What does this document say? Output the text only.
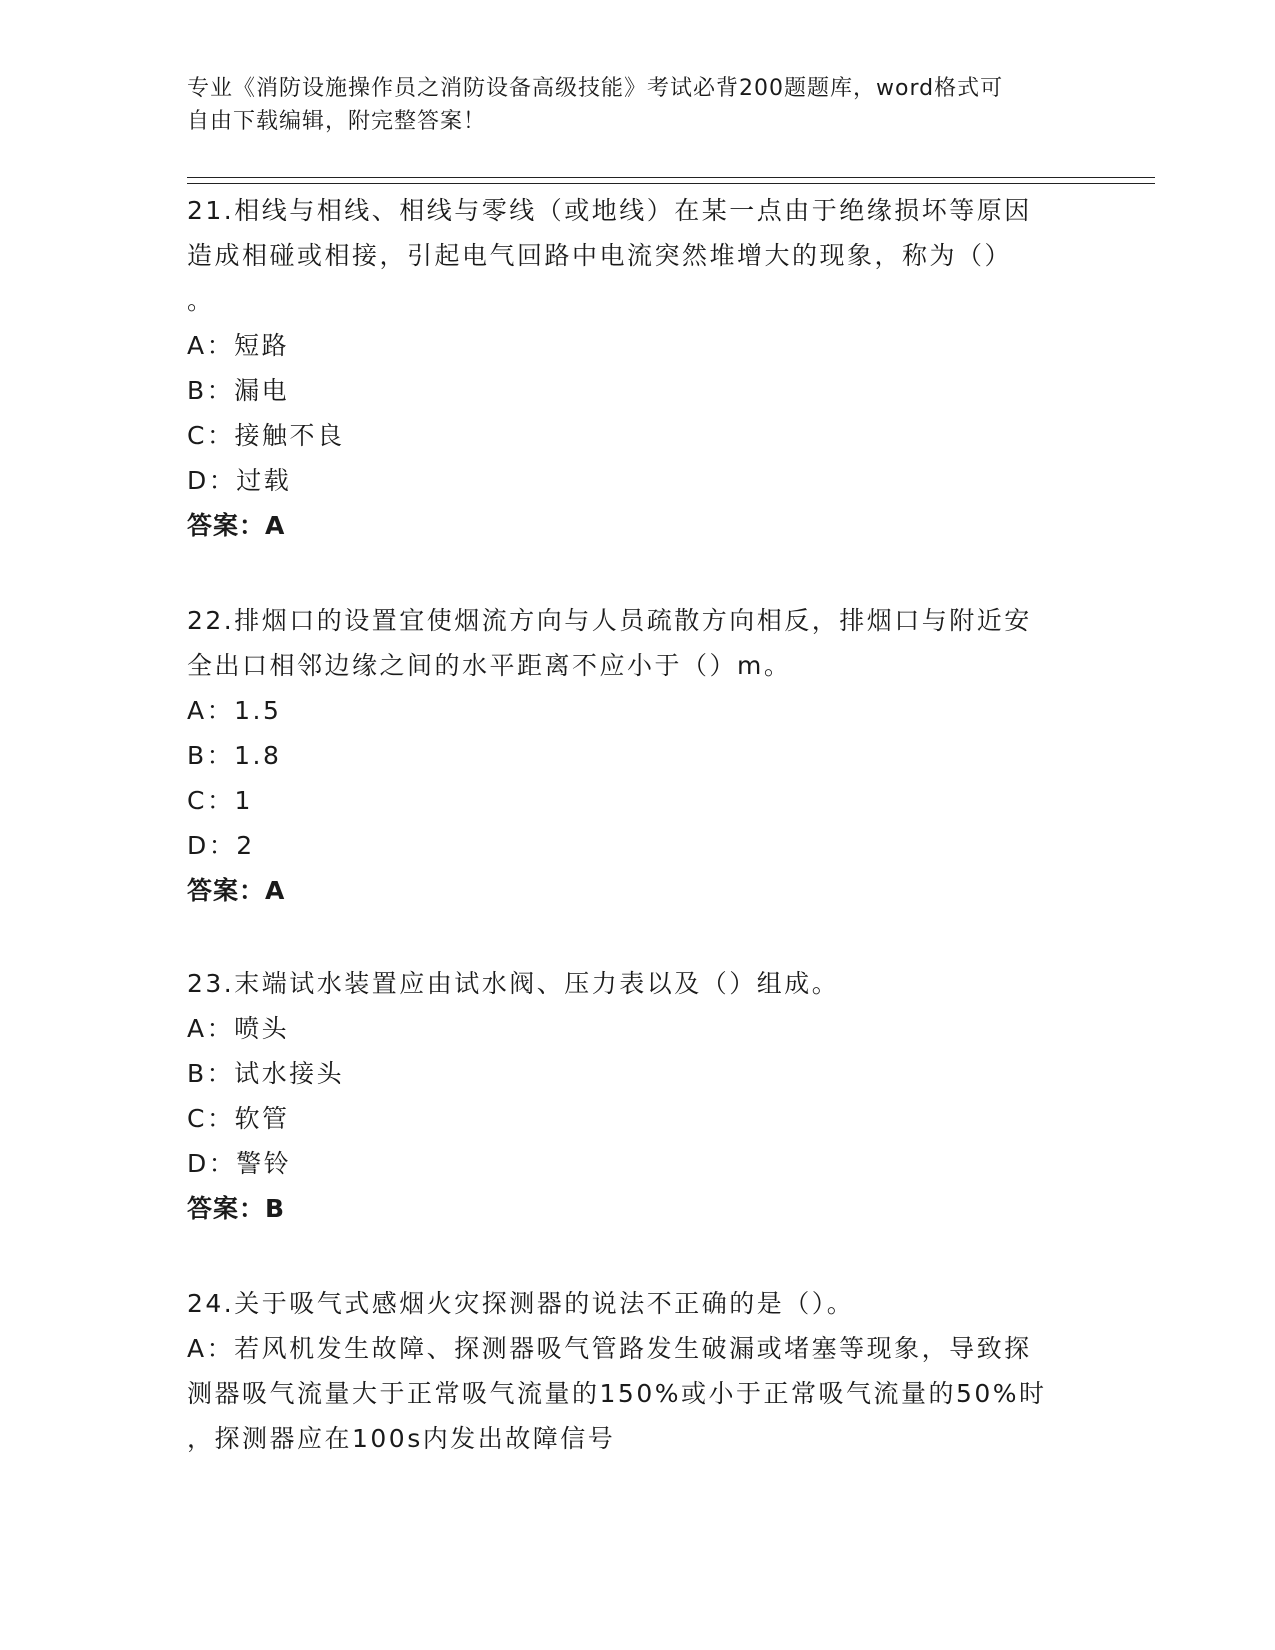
专业《消防设施操作员之消防设备高级技能》考试必背200题题库，word格式可
自由下载编辑，附完整答案！
21.相线与相线、相线与零线（或地线）在某一点由于绝缘损坏等原因
造成相碰或相接，引起电气回路中电流突然堆增大的现象，称为（）
。
A：短路
B：漏电
C：接触不良
D：过载
答案：A
22.排烟口的设置宜使烟流方向与人员疏散方向相反，排烟口与附近安
全出口相邻边缘之间的水平距离不应小于（）m。
A：1.5
B：1.8
C：1
D：2
答案：A
23.末端试水装置应由试水阀、压力表以及（）组成。
A：喷头
B：试水接头
C：软管
D：警铃
答案：B
24.关于吸气式感烟火灾探测器的说法不正确的是（）。
A：若风机发生故障、探测器吸气管路发生破漏或堵塞等现象，导致探
测器吸气流量大于正常吸气流量的150%或小于正常吸气流量的50%时
，探测器应在100s内发出故障信号
